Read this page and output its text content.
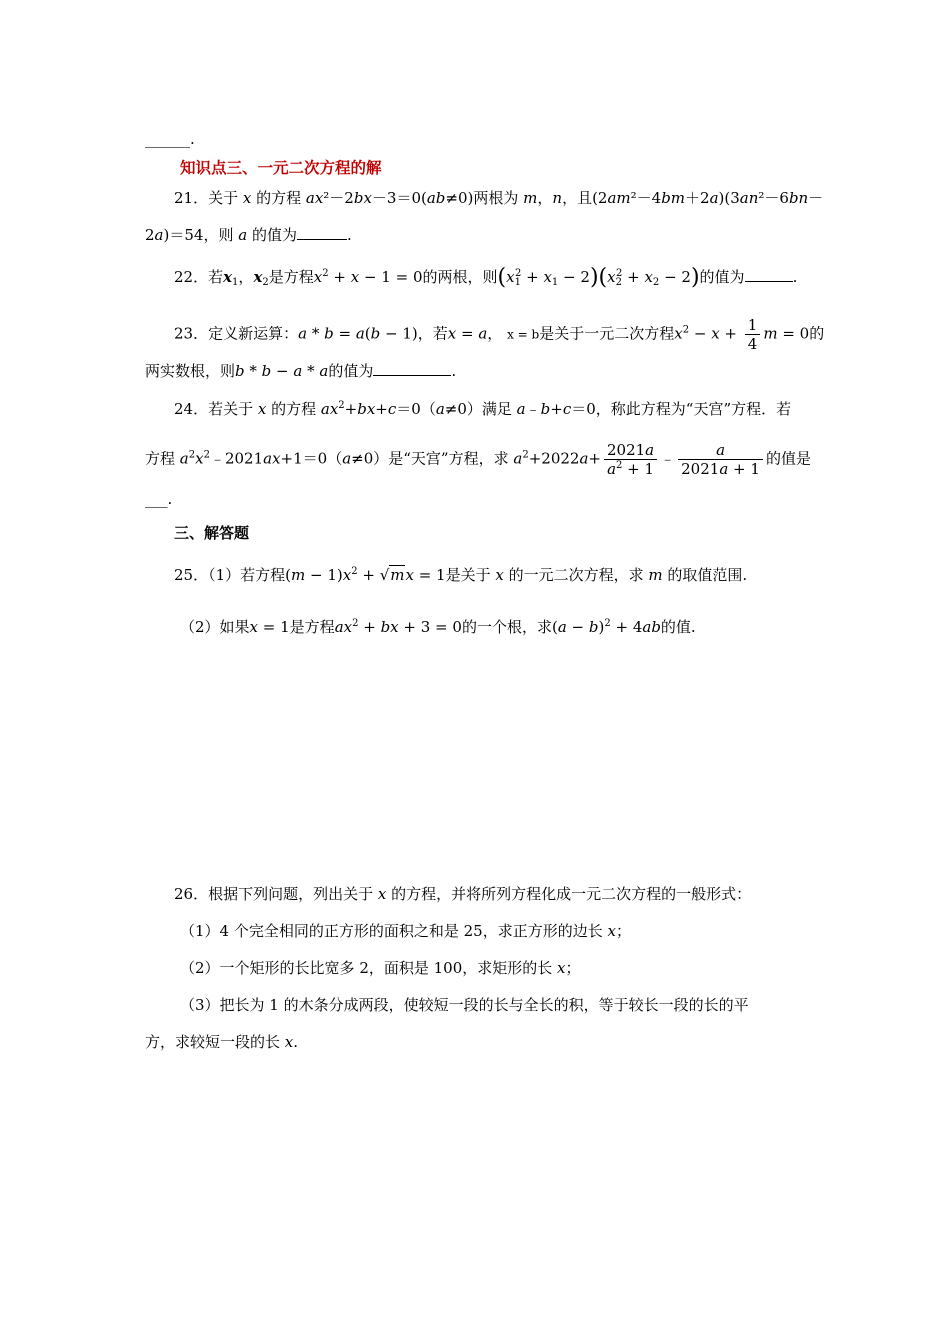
______.
知识点三、一元二次方程的解
21．关于 x 的方程 ax²－2bx－3＝0(ab≠0)两根为 m，n，且(2am²－4bm＋2a)(3an²－6bn－
2a)＝54，则 a 的值为	.
22．若$x_1$，$x_2$是方程$x^2 + x - 1 = 0$的两根，则$(x_1^2 + x_1 - 2)(x_2^2 + x_2 - 2)$的值为	.
23．定义新运算：a * b = a(b − 1)，若x = a， x = b是关于一元二次方程$x^2 - x + \frac{1}{4}$ m = 0的
两实数根，则b * b − a * a的值为	.
24．若关于 x 的方程 $ax^2+bx+c=0(a\ne 0)$满足 a﹣b+c＝0，称此方程为“天宫”方程．若
方程 $a^2x^2﹣2021ax+1=0(a\ne 0)$是“天宫”方程，求 $a^2+2022a+ \frac{2021a}{a^2 + 1}$ ﹣ $\frac{a}{2021a + 1}$ 的值是
___.
三、解答题
25．（1）若方程$(m - 1)x^2 + √mx = 1$是关于 x 的一元二次方程，求 m 的取值范围.
（2）如果x = 1是方程$ax^2$ + bx + 3 = 0的一个根，求$(a - b)^2 + 4ab$的值.
26．根据下列问题，列出关于 x 的方程，并将所列方程化成一元二次方程的一般形式：
（1）4 个完全相同的正方形的面积之和是 25，求正方形的边长 x；
（2）一个矩形的长比宽多 2，面积是 100，求矩形的长 x；
（3）把长为 1 的木条分成两段，使较短一段的长与全长的积，等于较长一段的长的平
方，求较短一段的长 x.
